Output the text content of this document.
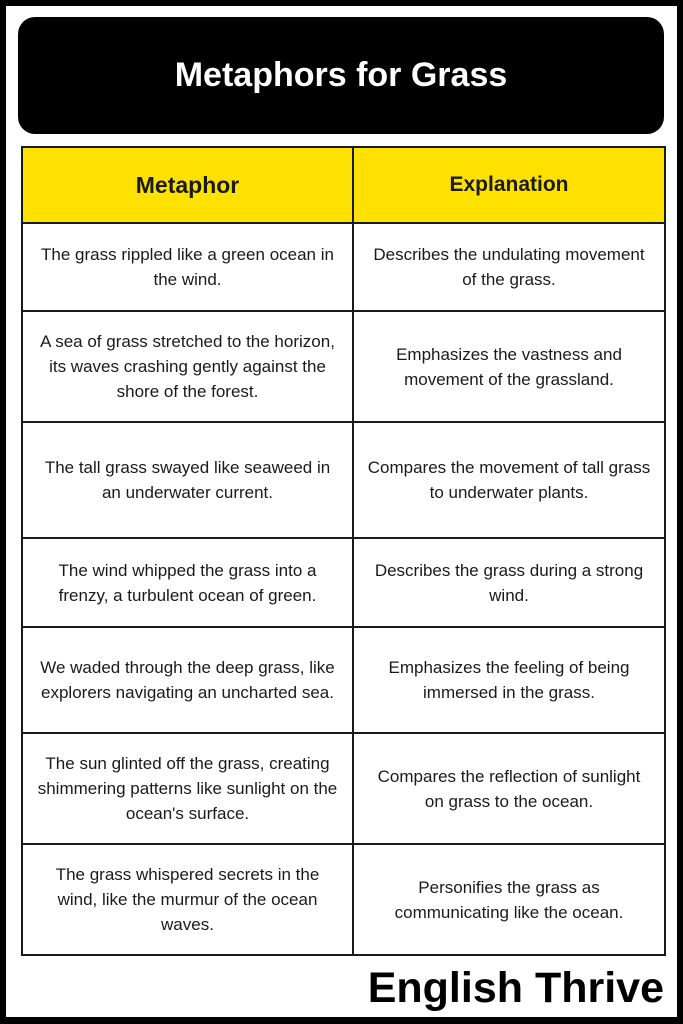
Metaphors for Grass
Metaphor	Explanation
The grass rippled like a green ocean in the wind.	Describes the undulating movement of the grass.
A sea of grass stretched to the horizon, its waves crashing gently against the shore of the forest.	Emphasizes the vastness and movement of the grassland.
The tall grass swayed like seaweed in an underwater current.	Compares the movement of tall grass to underwater plants.
The wind whipped the grass into a frenzy, a turbulent ocean of green.	Describes the grass during a strong wind.
We waded through the deep grass, like explorers navigating an uncharted sea.	Emphasizes the feeling of being immersed in the grass.
The sun glinted off the grass, creating shimmering patterns like sunlight on the ocean's surface.	Compares the reflection of sunlight on grass to the ocean.
The grass whispered secrets in the wind, like the murmur of the ocean waves.	Personifies the grass as communicating like the ocean.
English Thrive
